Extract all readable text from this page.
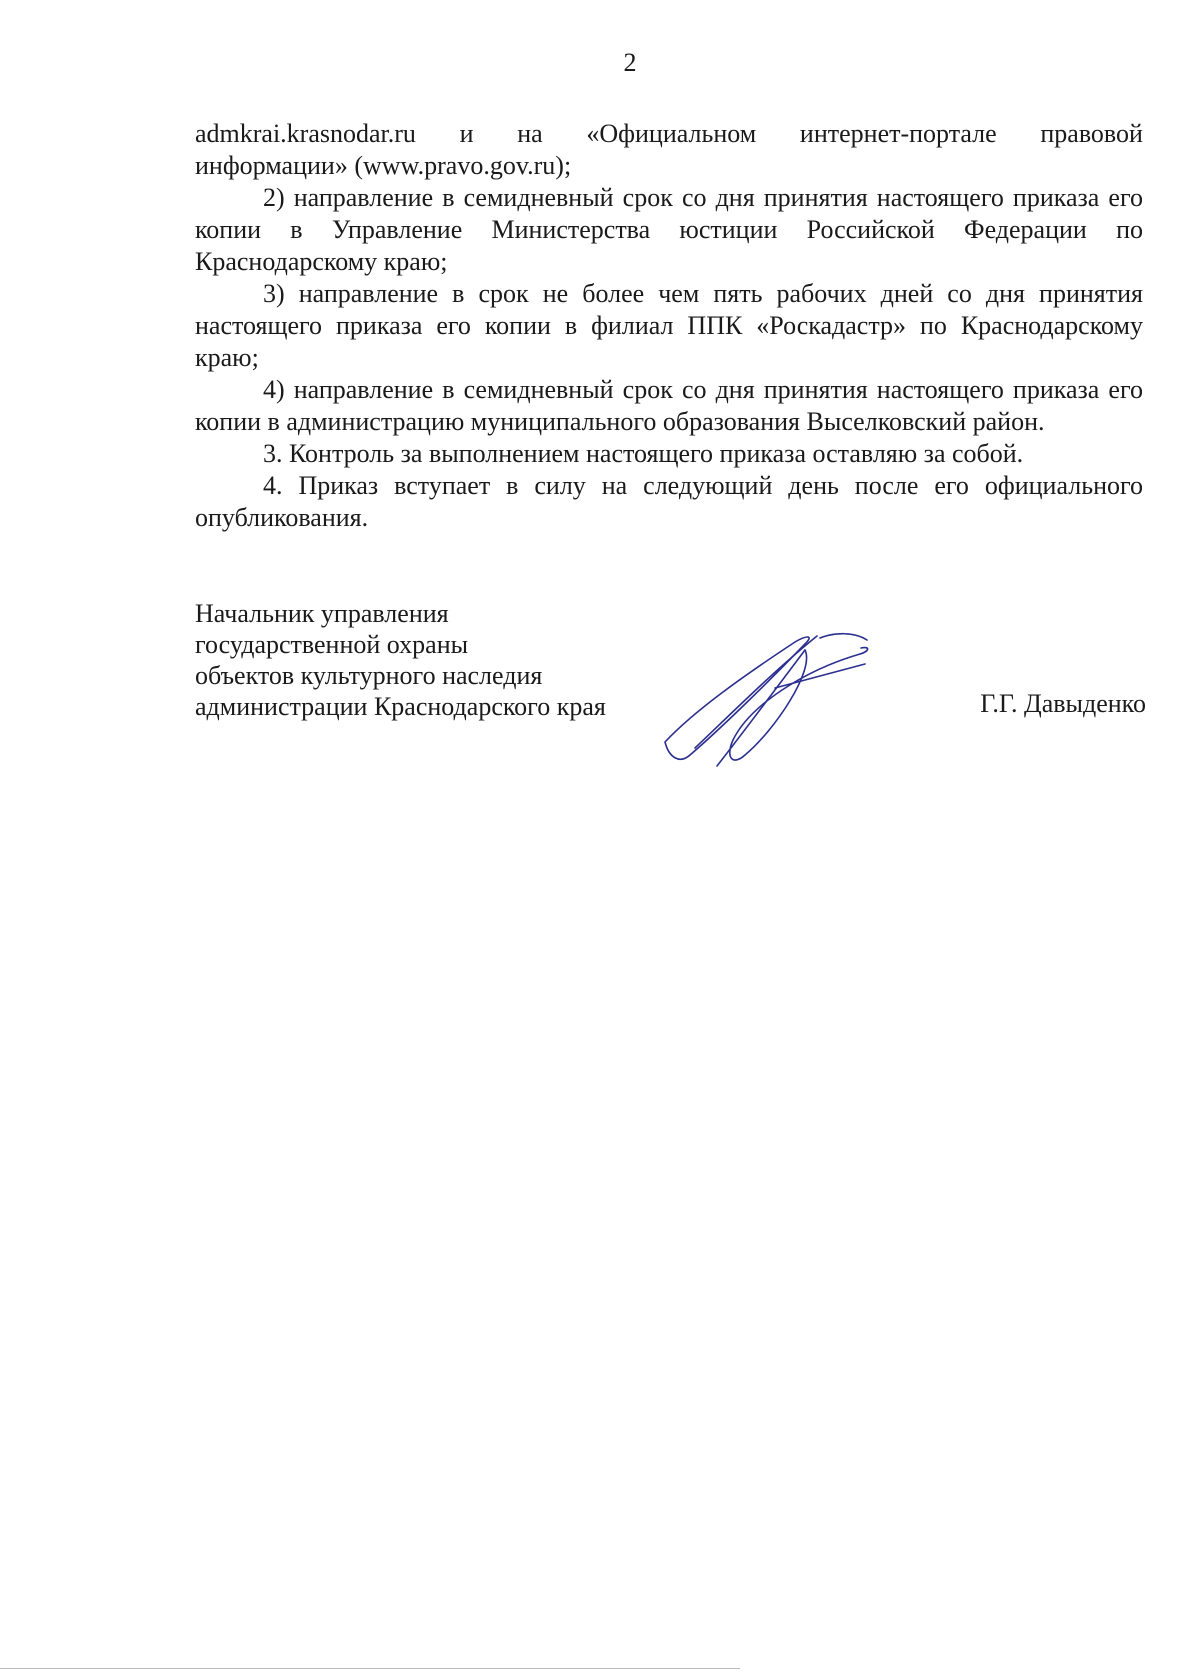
2

admkrai.krasnodar.ru и на «Официальном интернет-портале правовой
информации» (www.pravo.gov.ru);

2) направление в семидневный срок со дня принятия настоящего приказа его копии в Управление Министерства юстиции Российской Федерации по Краснодарскому краю;

3) направление в срок не более чем пять рабочих дней со дня принятия настоящего приказа его копии в филиал ППК «Роскадастр» по Краснодарскому краю;

4) направление в семидневный срок со дня принятия настоящего приказа его копии в администрацию муниципального образования Выселковский район.

3. Контроль за выполнением настоящего приказа оставляю за собой.

4. Приказ вступает в силу на следующий день после его официального опубликования.

Начальник управления
государственной охраны
объектов культурного наследия
администрации Краснодарского края	Г.Г. Давыденко
